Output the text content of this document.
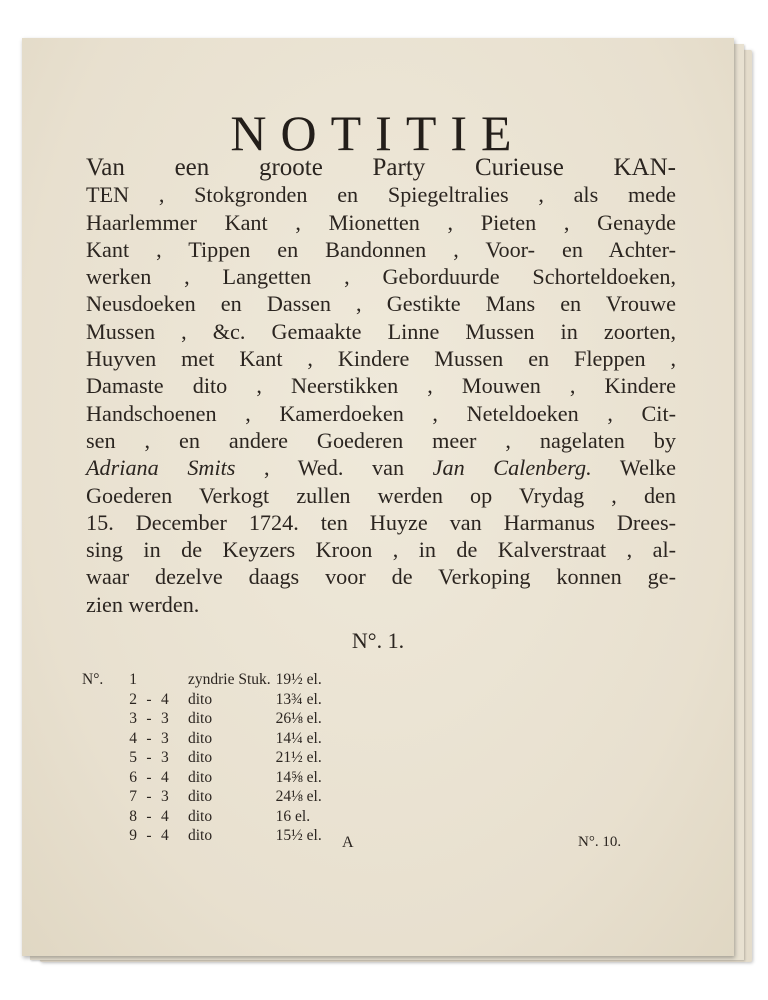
NOTITIE
Van een groote Party Curieuse KAN-
TEN , Stokgronden en Spiegeltralies , als mede
Haarlemmer Kant , Mionetten , Pieten , Genayde
Kant , Tippen en Bandonnen , Voor- en Achter-
werken , Langetten , Geborduurde Schorteldoeken,
Neusdoeken en Dassen , Gestikte Mans en Vrouwe
Mussen , &c. Gemaakte Linne Mussen in zoorten,
Huyven met Kant , Kindere Mussen en Fleppen ,
Damaste dito , Neerstikken , Mouwen , Kindere
Handschoenen , Kamerdoeken , Neteldoeken , Cit-
sen , en andere Goederen meer , nagelaten by
Adriana Smits , Wed. van Jan Calenberg. Welke
Goederen Verkogt zullen werden op Vrydag , den
15. December 1724. ten Huyze van Harmanus Drees-
sing in de Keyzers Kroon , in de Kalverstraat , al-
waar dezelve daags voor de Verkoping konnen ge-
zien werden.
N°. 1.
N°.	1			zyndrie Stuk.	19½ el.
	2	-	4	dito	13¾ el.
	3	-	3	dito	26⅛ el.
	4	-	3	dito	14¼ el.
	5	-	3	dito	21½ el.
	6	-	4	dito	14⅝ el.
	7	-	3	dito	24⅛ el.
	8	-	4	dito	16 el.
	9	-	4	dito	15½ el. A	N°. 10.
